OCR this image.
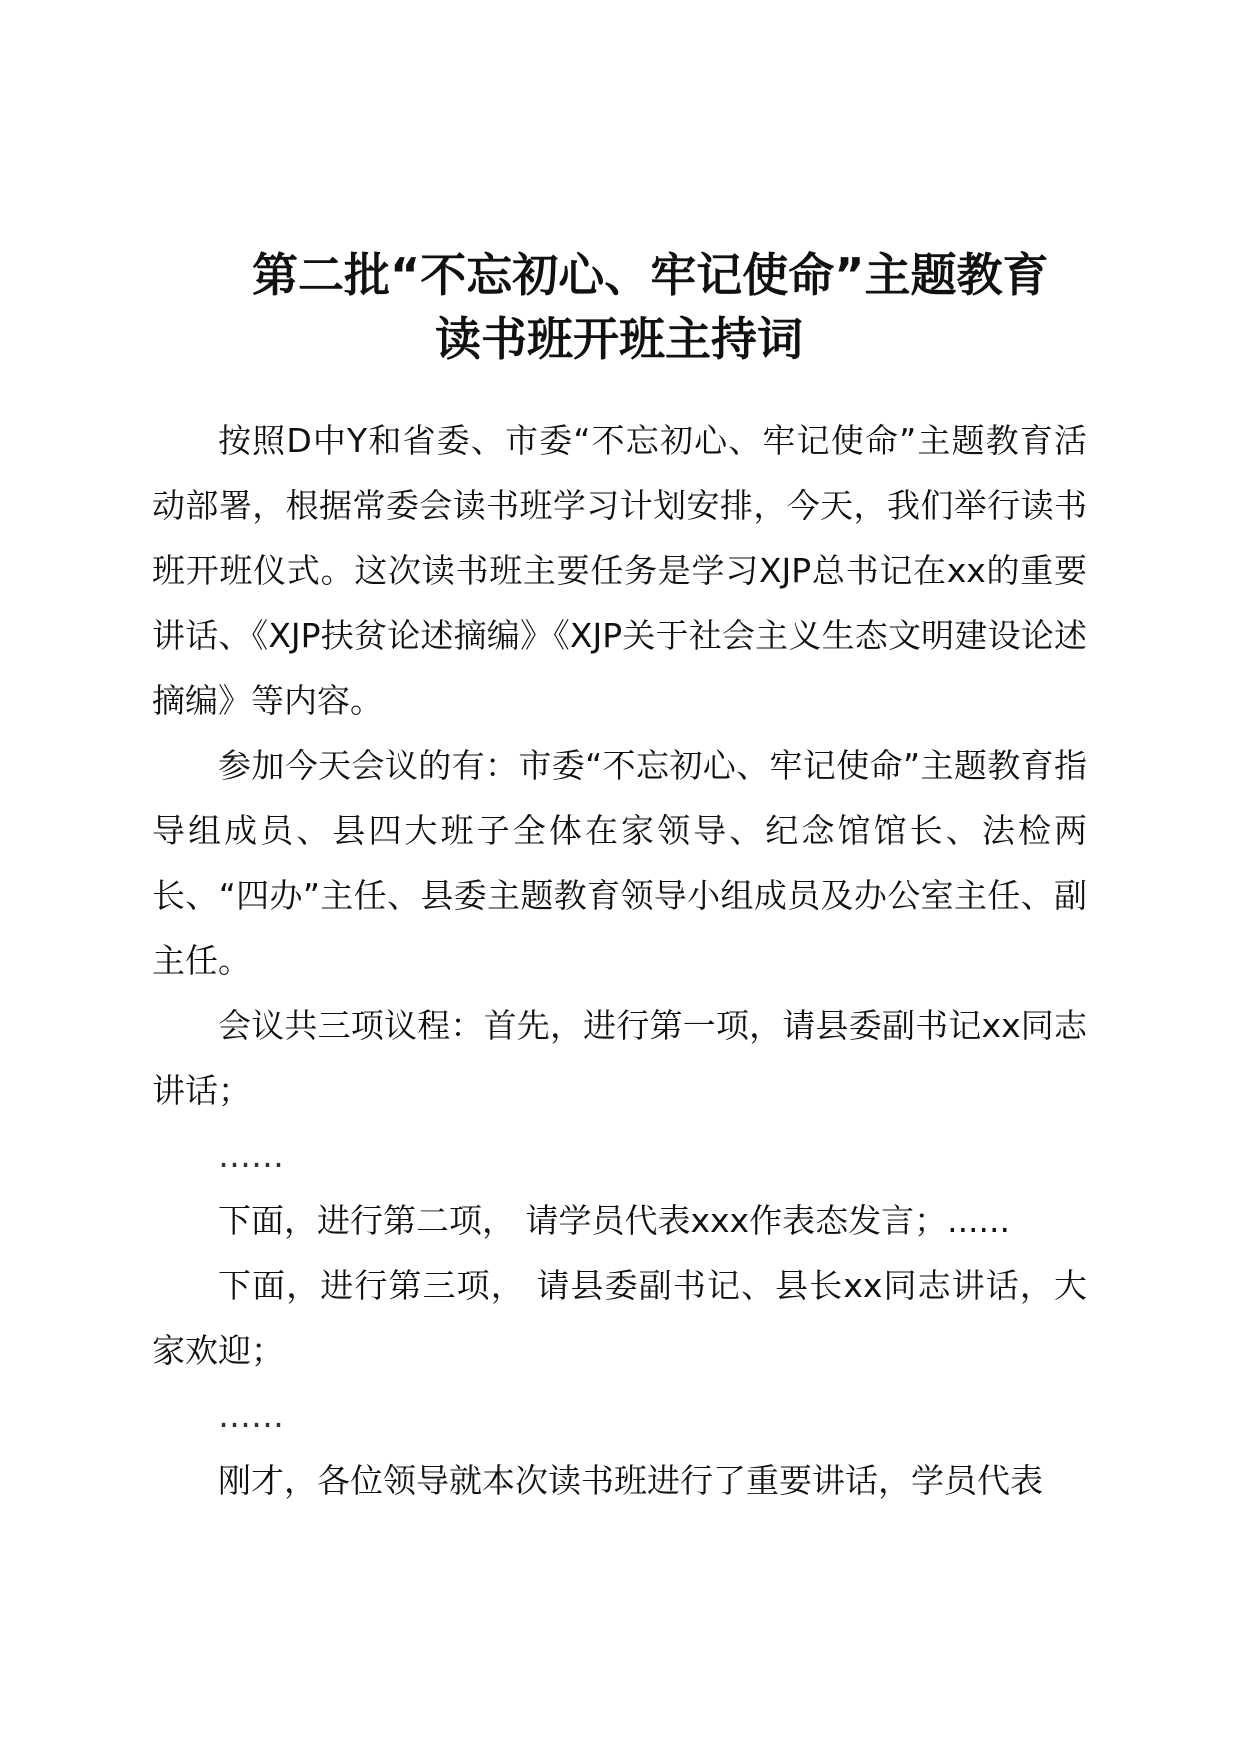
第二批“不忘初心、牢记使命”主题教育
读书班开班主持词

按照D中Y和省委、市委“不忘初心、牢记使命”主题教育活动部署，根据常委会读书班学习计划安排，今天，我们举行读书班开班仪式。这次读书班主要任务是学习XJP总书记在xx的重要讲话、《XJP扶贫论述摘编》《XJP关于社会主义生态文明建设论述摘编》等内容。

参加今天会议的有：市委“不忘初心、牢记使命”主题教育指导组成员、县四大班子全体在家领导、纪念馆馆长、法检两长、“四办”主任、县委主题教育领导小组成员及办公室主任、副主任。

会议共三项议程：首先，进行第一项，请县委副书记xx同志讲话；

……

下面，进行第二项， 请学员代表xxx作表态发言；......

下面，进行第三项， 请县委副书记、县长xx同志讲话，大家欢迎；

……

刚才，各位领导就本次读书班进行了重要讲话，学员代表
